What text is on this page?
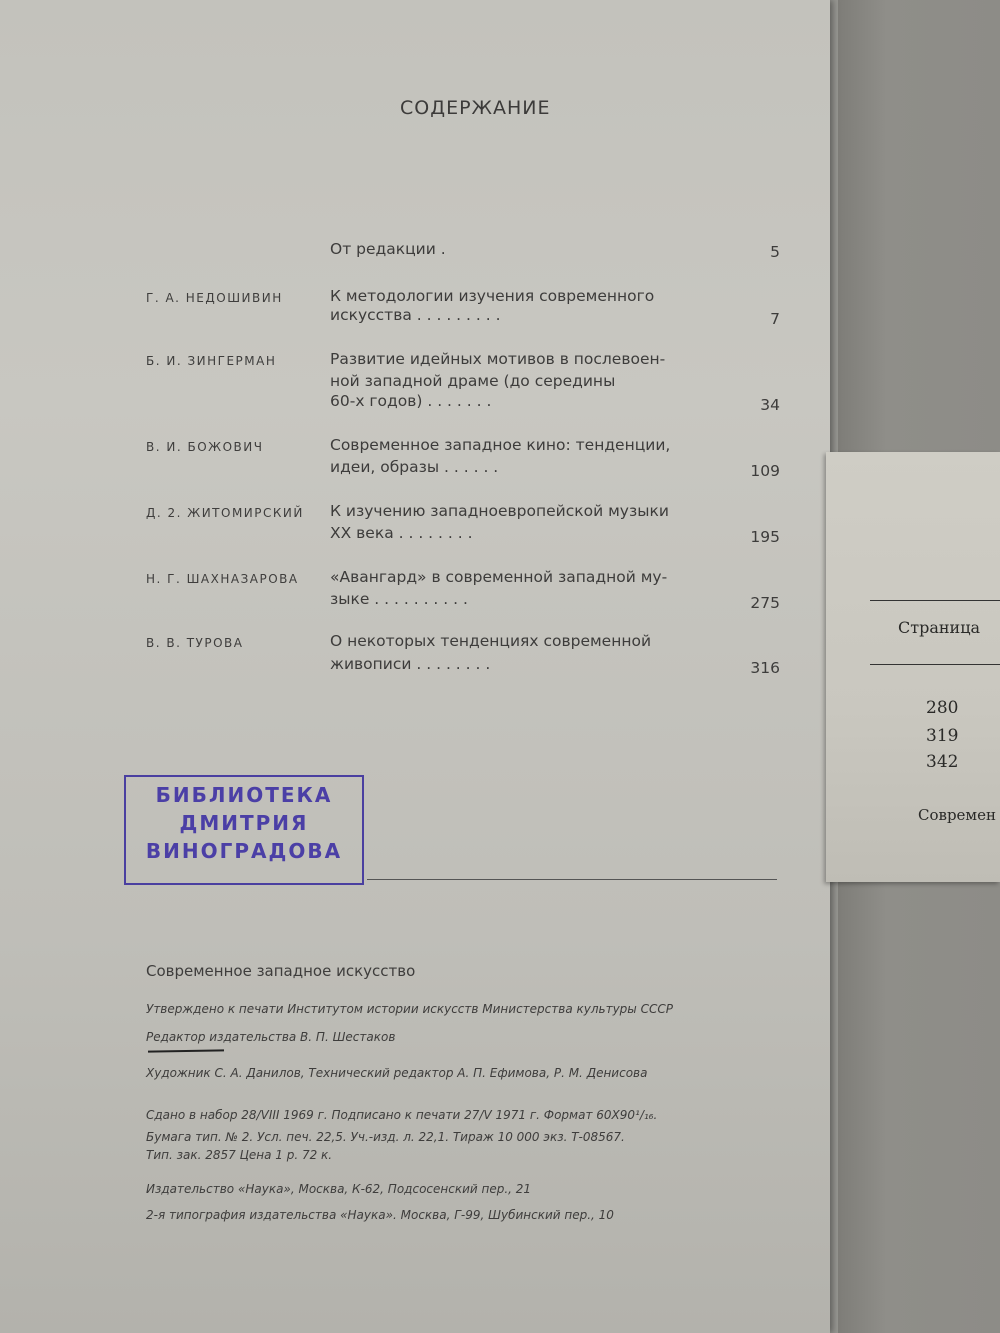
СОДЕРЖАНИЕ
От редакции .	5
Г. А. НЕДОШИВИН	К методологии изучения современного
искусства . . . . . . . . .	7
Б. И. ЗИНГЕРМАН	Развитие идейных мотивов в послевоен-
ной западной драме (до середины
60-х годов) . . . . . . .	34
В. И. БОЖОВИЧ	Современное западное кино: тенденции,
идеи, образы . . . . . .	109
Д. 2. ЖИТОМИРСКИЙ К изучению западноевропейской музыки
XX века . . . . . . . .	195
Н. Г. ШАХНАЗАРОВА «Авангард» в современной западной му-
зыке . . . . . . . . . .	275
В. В. ТУРОВА	О некоторых тенденциях современной
живописи . . . . . . . .	316
БИБЛИОТЕКА
ДМИТРИЯ
ВИНОГРАДОВА
Современное западное искусство
Утверждено к печати Институтом истории искусств Министерства культуры СССР
Редактор издательства В. П. Шестаков
Художник С. А. Данилов, Технический редактор А. П. Ефимова, Р. М. Денисова
Сдано в набор 28/VIII 1969 г. Подписано к печати 27/V 1971 г. Формат 60X90¹/₁₆.
Бумага тип. № 2. Усл. печ. 22,5. Уч.-изд. л. 22,1. Тираж 10 000 экз. Т-08567.
Тип. зак. 2857 Цена 1 р. 72 к.
Издательство «Наука», Москва, К-62, Подсосенский пер., 21
2-я типография издательства «Наука». Москва, Г-99, Шубинский пер., 10
Страница
280
319
342
Современ
